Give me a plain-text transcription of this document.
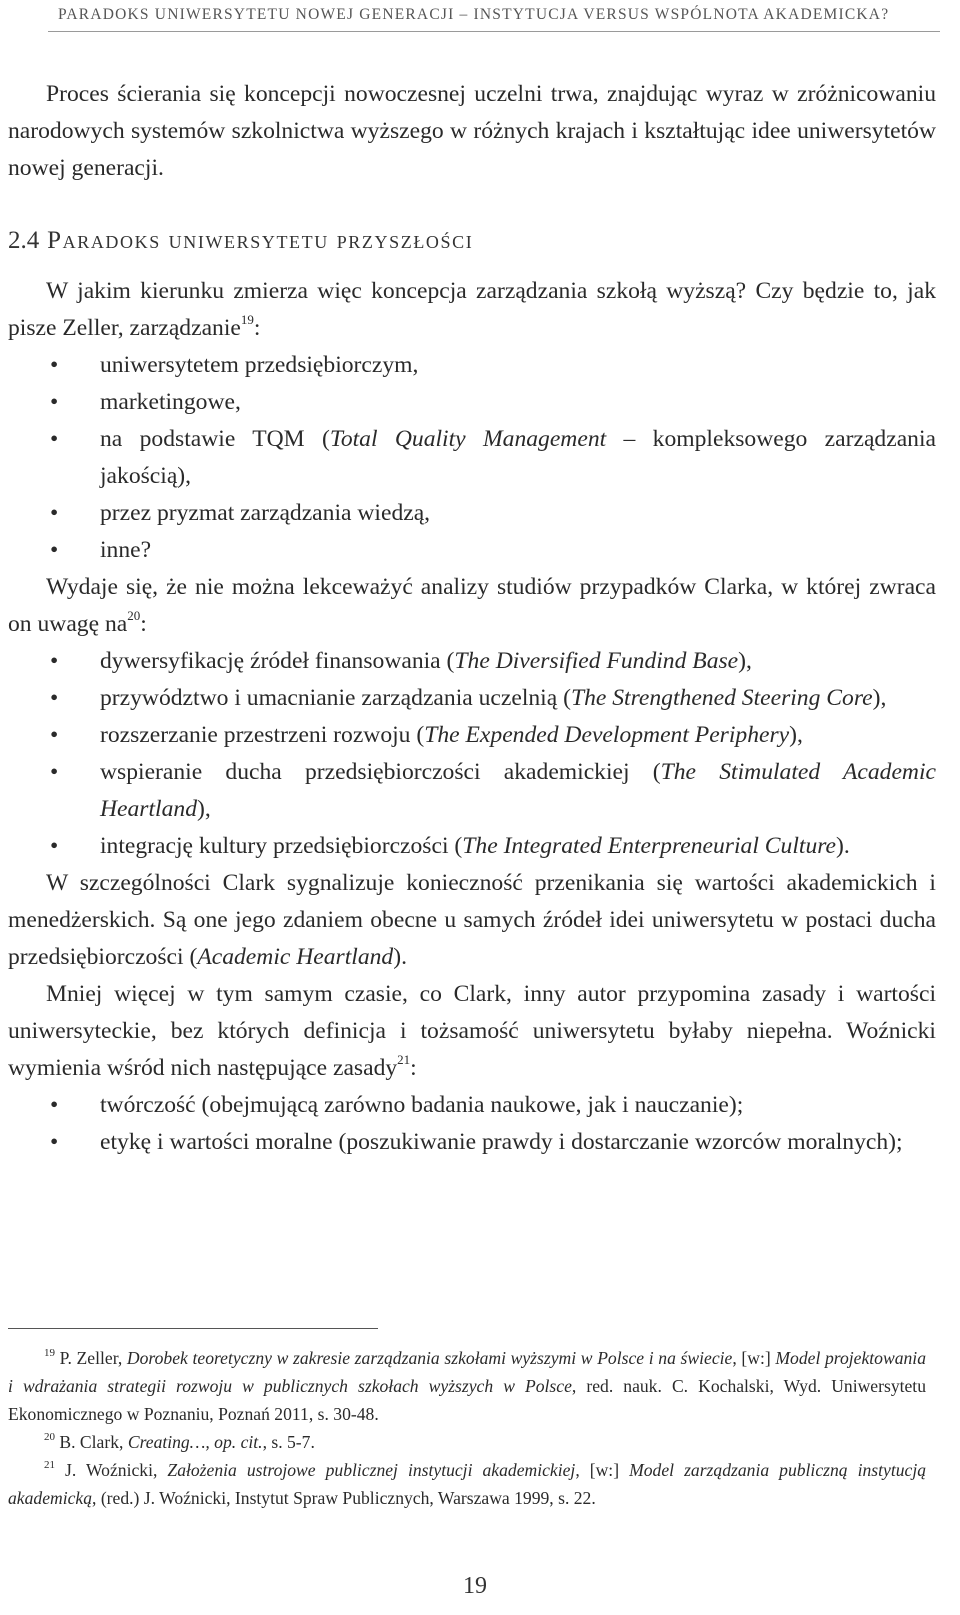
PARADOKS UNIWERSYTETU NOWEJ GENERACJI – INSTYTUCJA VERSUS WSPÓLNOTA AKADEMICKA?

Proces ścierania się koncepcji nowoczesnej uczelni trwa, znajdując wyraz w zróżnicowaniu narodowych systemów szkolnictwa wyższego w różnych krajach i kształtując idee uniwersytetów nowej generacji.

2.4 Paradoks uniwersytetu przyszłości

W jakim kierunku zmierza więc koncepcja zarządzania szkołą wyższą? Czy będzie to, jak pisze Zeller, zarządzanie$^{19}$:

• uniwersytetem przedsiębiorczym,
• marketingowe,
• na podstawie TQM (Total Quality Management – kompleksowego zarządzania jakością),
• przez pryzmat zarządzania wiedzą,
• inne?

Wydaje się, że nie można lekceważyć analizy studiów przypadków Clarka, w której zwraca on uwagę $na^{20}$:

• dywersyfikację źródeł finansowania (The Diversified Fundind Base),
• przywództwo i umacnianie zarządzania uczelnią (The Strengthened Steering Core),
• rozszerzanie przestrzeni rozwoju (The Expended Development Periphery),
• wspieranie ducha przedsiębiorczości akademickiej (The Stimulated Academic Heartland),
• integrację kultury przedsiębiorczości (The Integrated Enterpreneurial Culture).

W szczególności Clark sygnalizuje konieczność przenikania się wartości akademickich i menedżerskich. Są one jego zdaniem obecne u samych źródeł idei uniwersytetu w postaci ducha przedsiębiorczości (Academic Heartland).

Mniej więcej w tym samym czasie, co Clark, inny autor przypomina zasady i wartości uniwersyteckie, bez których definicja i tożsamość uniwersytetu byłaby niepełna. Woźnicki wymienia wśród nich następujące zasady$^{21}$:

• twórczość (obejmującą zarówno badania naukowe, jak i nauczanie);
• etykę i wartości moralne (poszukiwanie prawdy i dostarczanie wzorców moralnych);

$^{19}$ P. Zeller, Dorobek teoretyczny w zakresie zarządzania szkołami wyższymi w Polsce i na świecie, [w:] Model projektowania i wdrażania strategii rozwoju w publicznych szkołach wyższych w Polsce, red. nauk. C. Kochalski, Wyd. Uniwersytetu Ekonomicznego w Poznaniu, Poznań 2011, s. 30-48.

$^{20}$ B. Clark, Creating…, op. cit., s. 5-7.

$^{21}$ J. Woźnicki, Założenia ustrojowe publicznej instytucji akademickiej, [w:] Model zarządzania publiczną instytucją akademicką, (red.) J. Woźnicki, Instytut Spraw Publicznych, Warszawa 1999, s. 22.

19
